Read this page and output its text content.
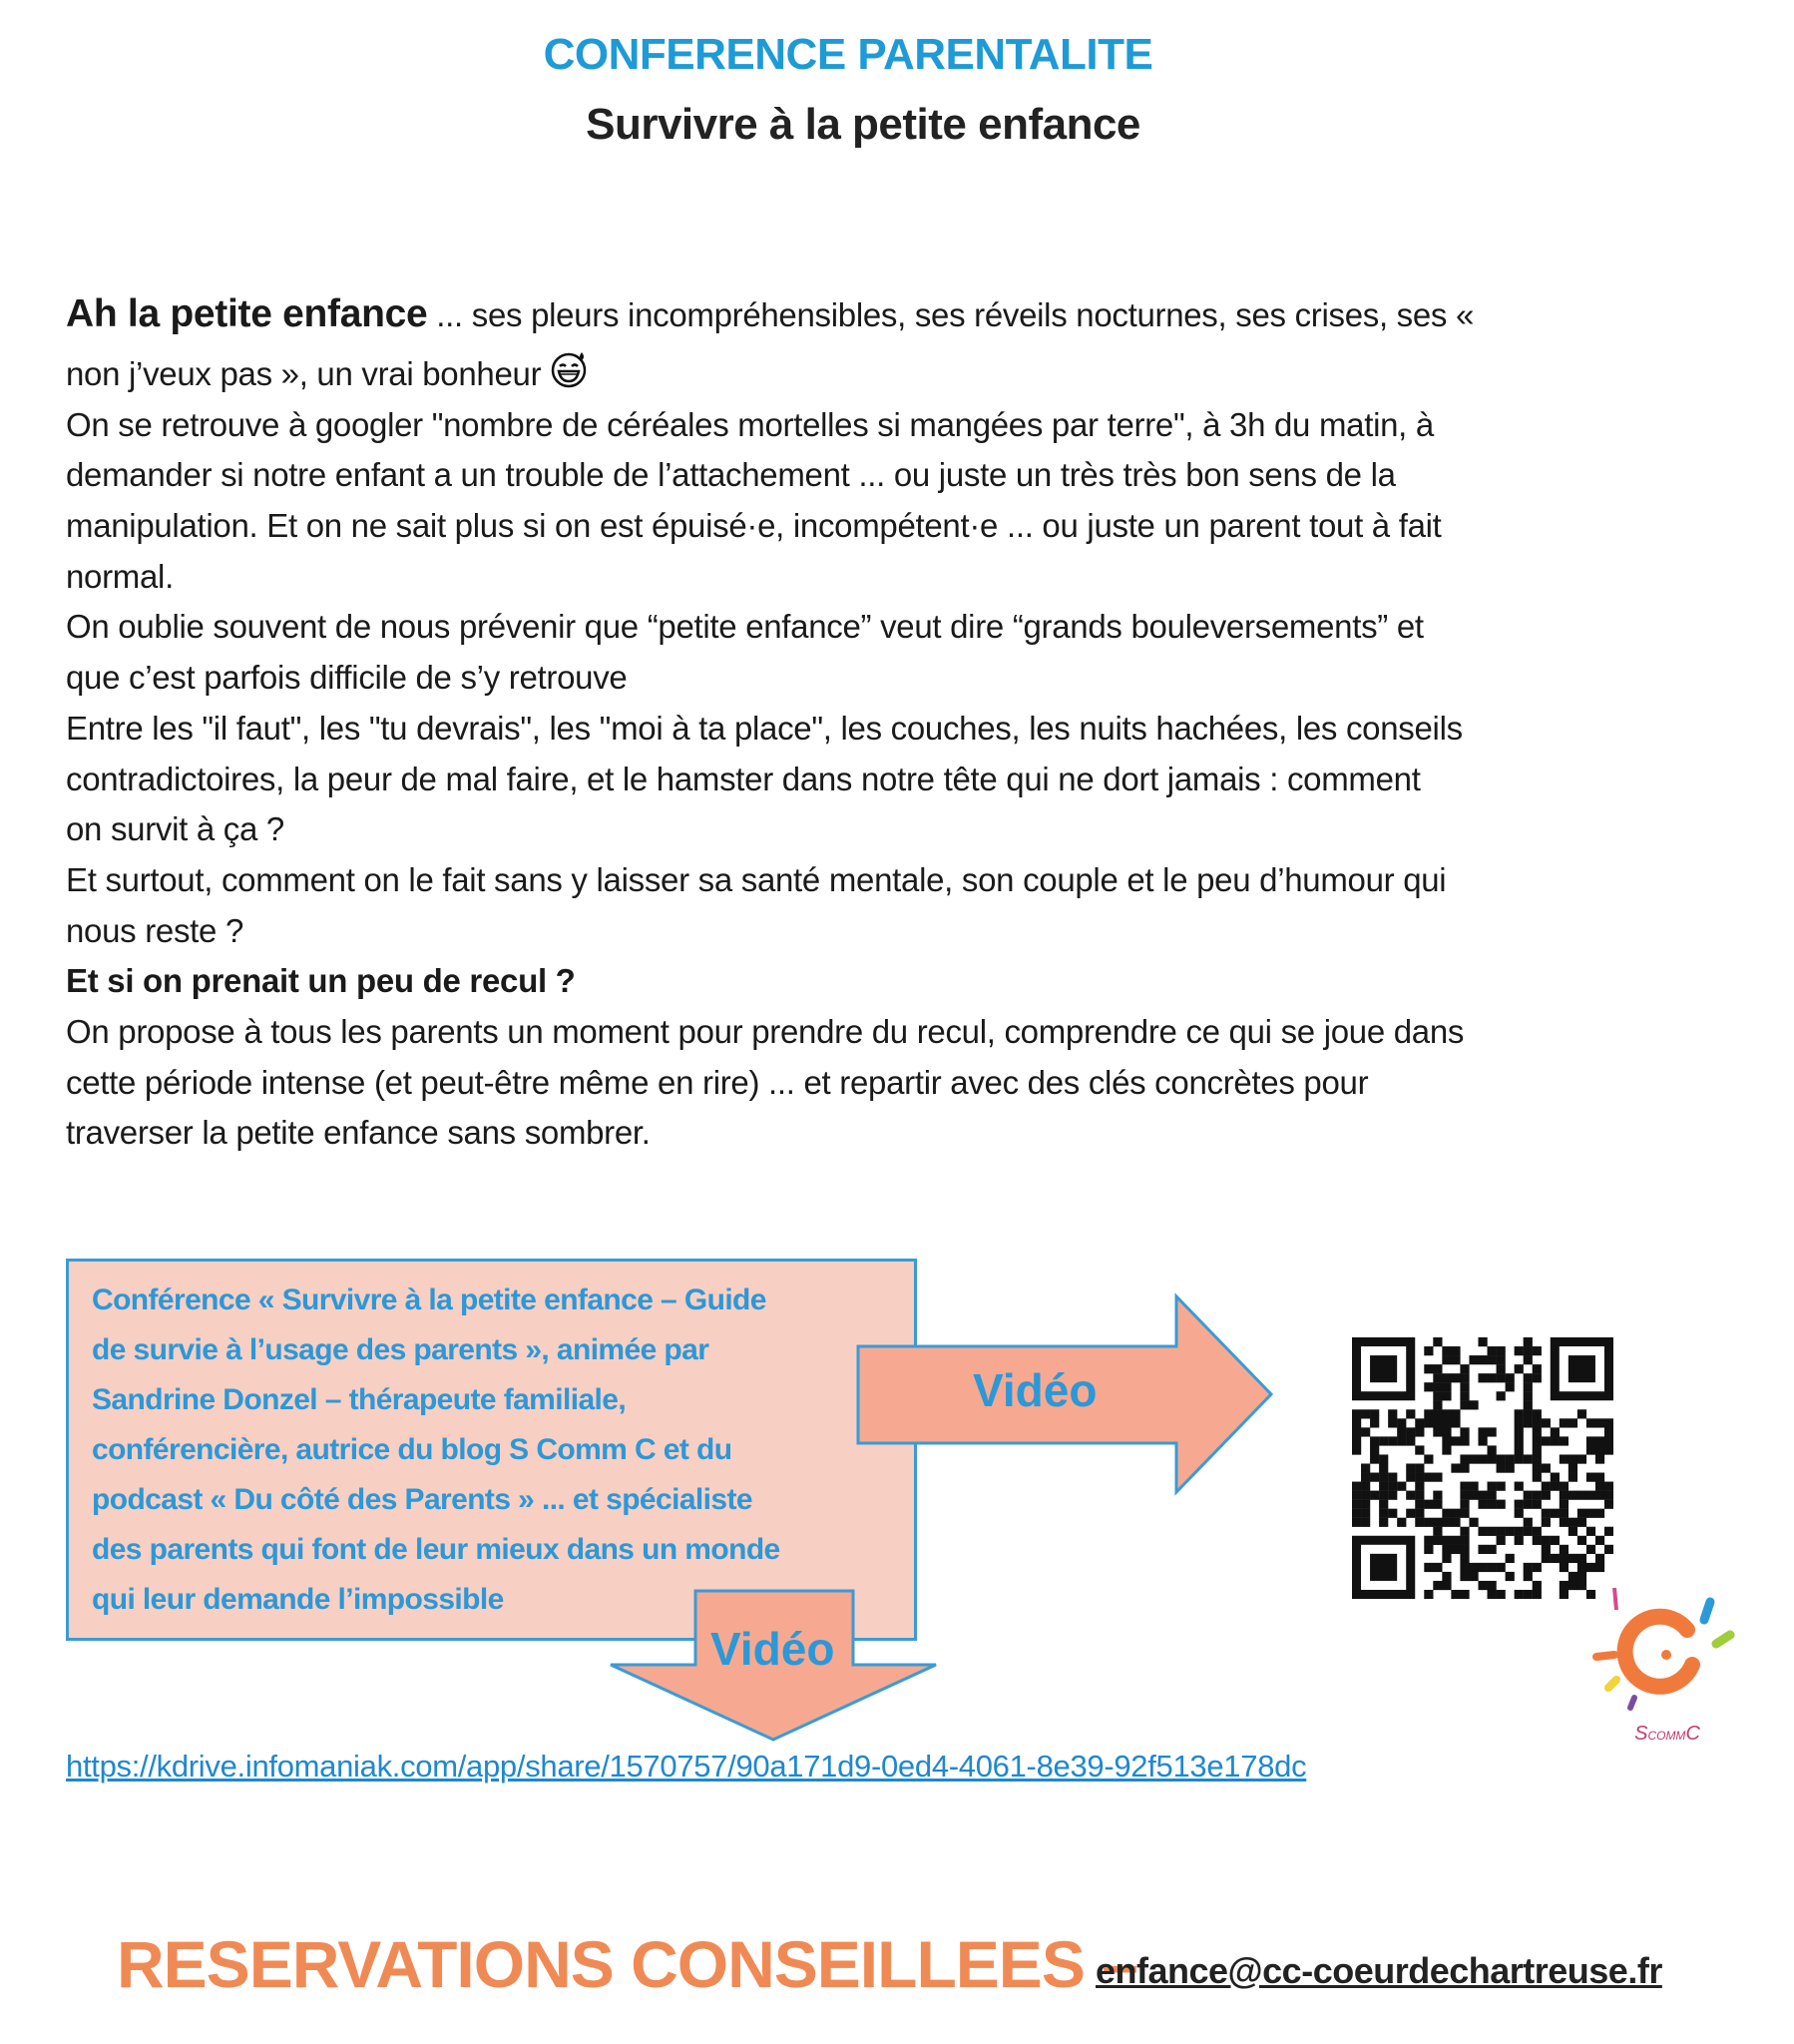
CONFERENCE PARENTALITE
Survivre à la petite enfance
Ah la petite enfance ... ses pleurs incompréhensibles, ses réveils nocturnes, ses crises, ses «
non j’veux pas », un vrai bonheur
On se retrouve à googler "nombre de céréales mortelles si mangées par terre", à 3h du matin, à
demander si notre enfant a un trouble de l’attachement ... ou juste un très très bon sens de la
manipulation. Et on ne sait plus si on est épuisé·e, incompétent·e ... ou juste un parent tout à fait
normal.
On oublie souvent de nous prévenir que “petite enfance” veut dire “grands bouleversements” et
que c’est parfois difficile de s’y retrouve
Entre les "il faut", les "tu devrais", les "moi à ta place", les couches, les nuits hachées, les conseils
contradictoires, la peur de mal faire, et le hamster dans notre tête qui ne dort jamais : comment
on survit à ça ?
Et surtout, comment on le fait sans y laisser sa santé mentale, son couple et le peu d’humour qui
nous reste ?
Et si on prenait un peu de recul ?
On propose à tous les parents un moment pour prendre du recul, comprendre ce qui se joue dans
cette période intense (et peut-être même en rire) ... et repartir avec des clés concrètes pour
traverser la petite enfance sans sombrer.
Conférence « Survivre à la petite enfance – Guide
de survie à l’usage des parents », animée par
Sandrine Donzel – thérapeute familiale,
conférencière, autrice du blog S Comm C et du
podcast « Du côté des Parents » ... et spécialiste
des parents qui font de leur mieux dans un monde
qui leur demande l’impossible
Vidéo
Vidéo
SCOMMC
https://kdrive.infomaniak.com/app/share/1570757/90a171d9-0ed4-4061-8e39-92f513e178dc
RESERVATIONS CONSEILLEES –
enfance@cc-coeurdechartreuse.fr
